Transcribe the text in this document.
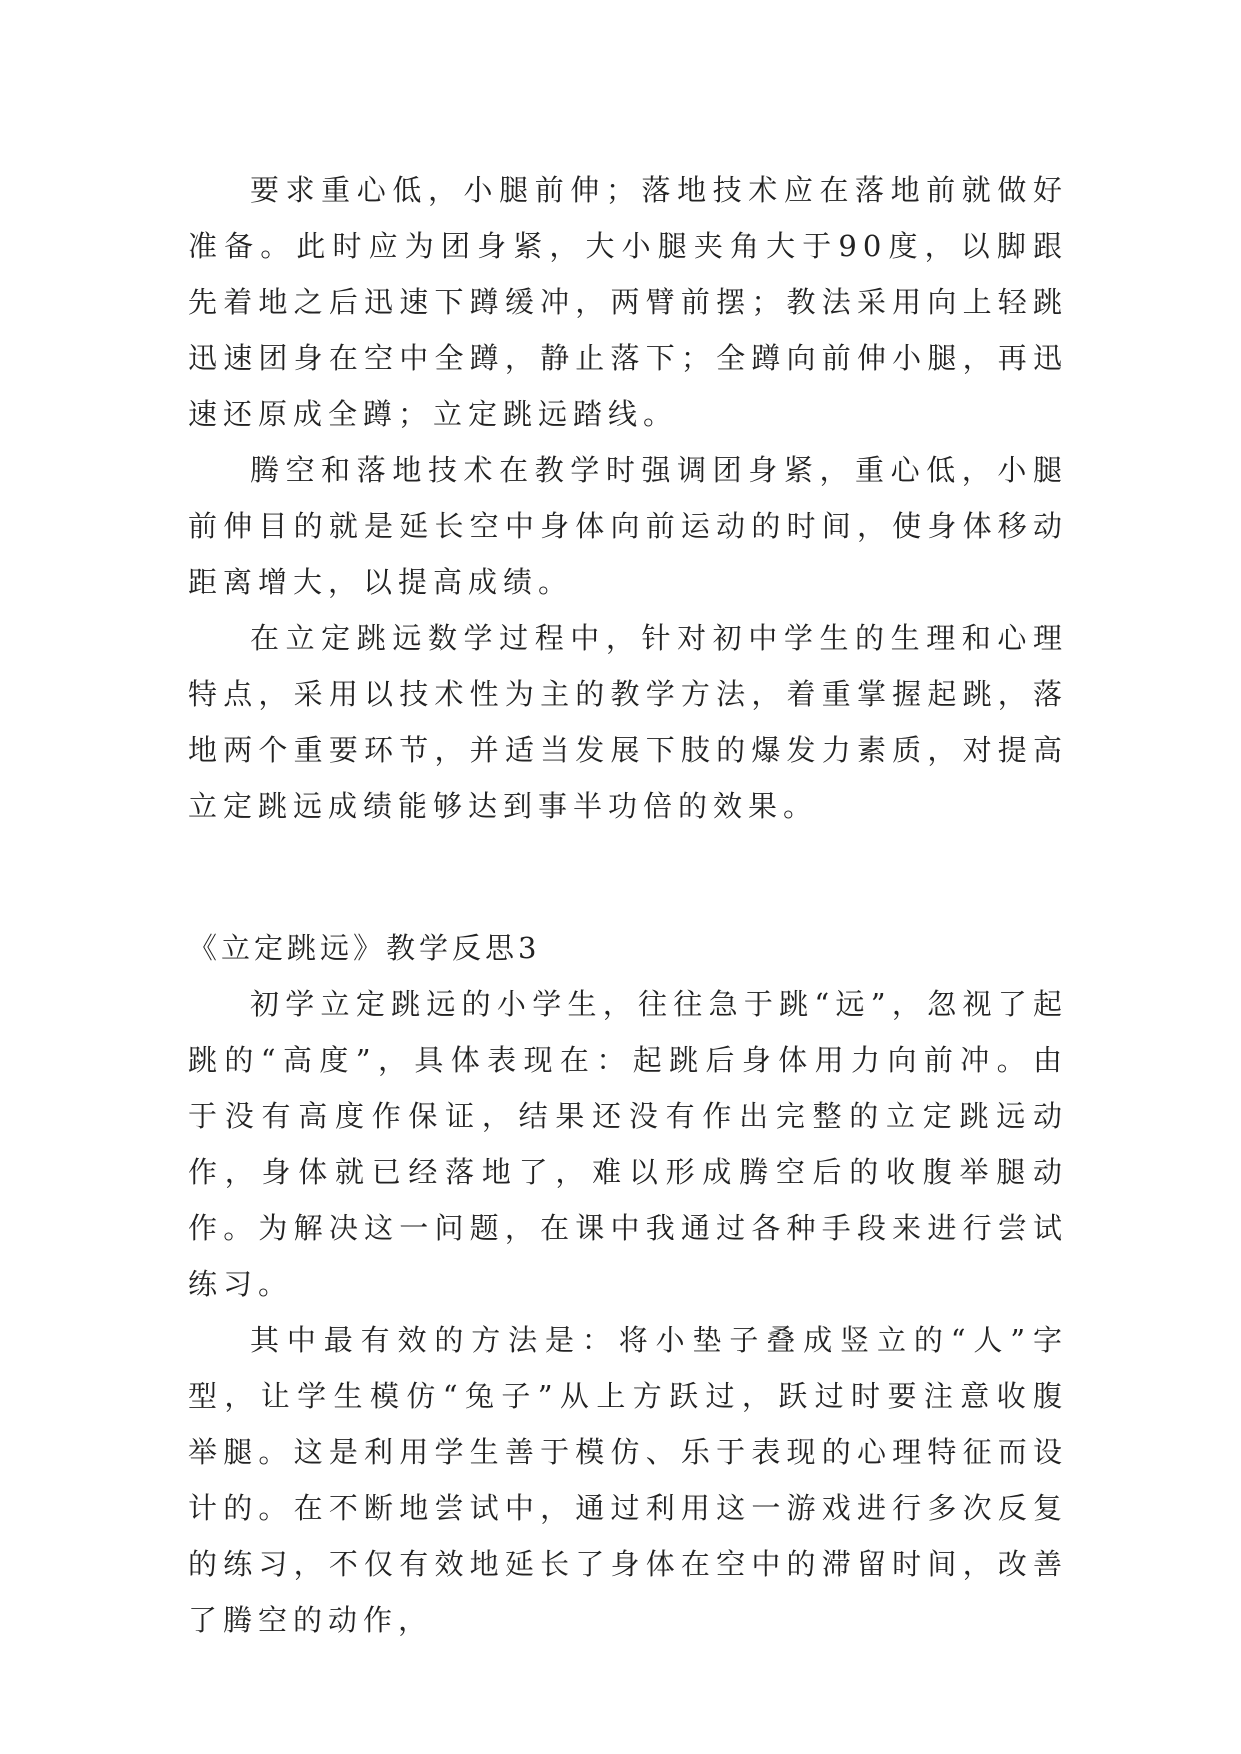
要求重心低，小腿前伸；落地技术应在落地前就做好准备。此时应为团身紧，大小腿夹角大于90度，以脚跟先着地之后迅速下蹲缓冲，两臂前摆；教法采用向上轻跳迅速团身在空中全蹲，静止落下；全蹲向前伸小腿，再迅速还原成全蹲；立定跳远踏线。

腾空和落地技术在教学时强调团身紧，重心低，小腿前伸目的就是延长空中身体向前运动的时间，使身体移动距离增大，以提高成绩。

在立定跳远数学过程中，针对初中学生的生理和心理特点，采用以技术性为主的教学方法，着重掌握起跳，落地两个重要环节，并适当发展下肢的爆发力素质，对提高立定跳远成绩能够达到事半功倍的效果。

《立定跳远》教学反思3

初学立定跳远的小学生，往往急于跳“远”，忽视了起跳的“高度”，具体表现在：起跳后身体用力向前冲。由于没有高度作保证，结果还没有作出完整的立定跳远动作，身体就已经落地了，难以形成腾空后的收腹举腿动作。为解决这一问题，在课中我通过各种手段来进行尝试练习。

其中最有效的方法是：将小垫子叠成竖立的“人”字型，让学生模仿“兔子”从上方跃过，跃过时要注意收腹举腿。这是利用学生善于模仿、乐于表现的心理特征而设计的。在不断地尝试中，通过利用这一游戏进行多次反复的练习，不仅有效地延长了身体在空中的滞留时间，改善了腾空的动作，
